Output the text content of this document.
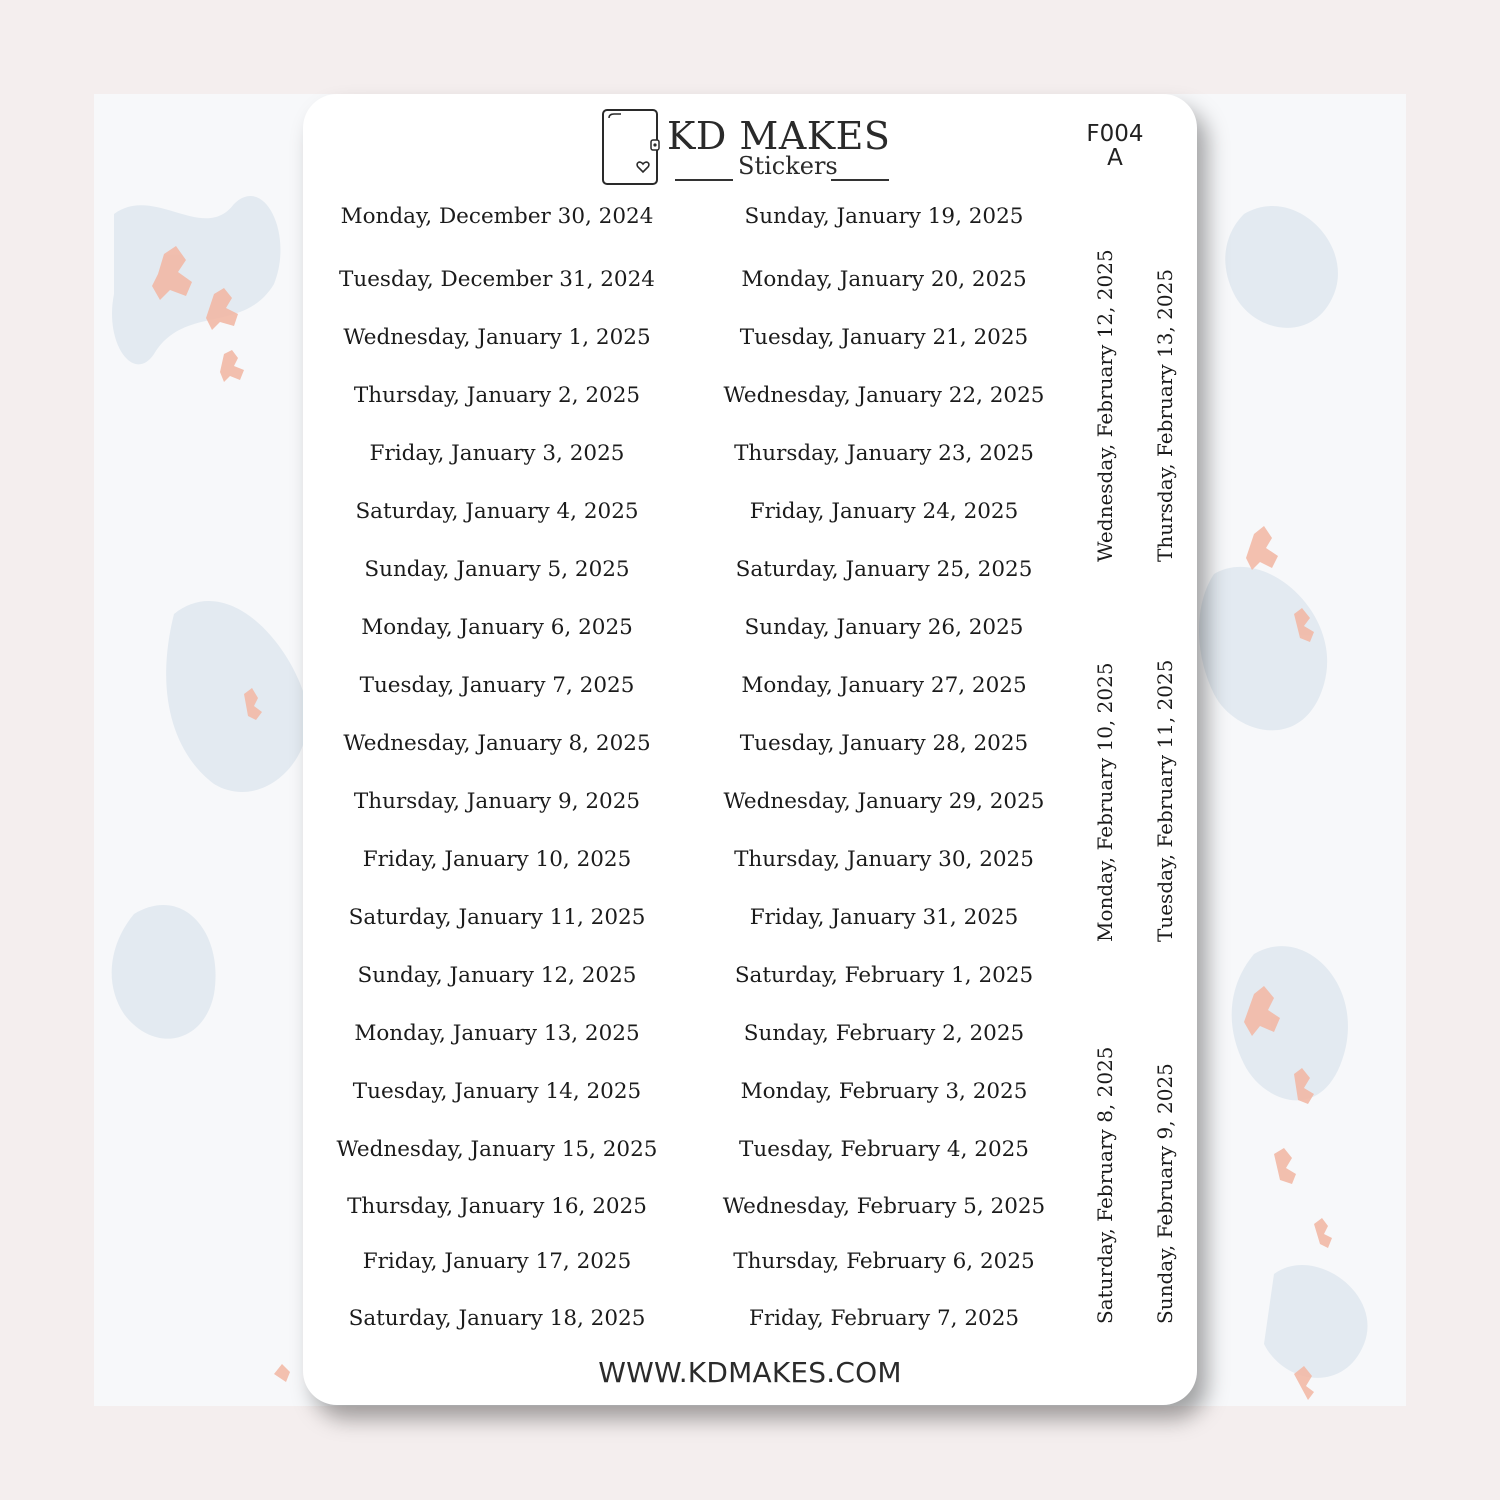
KD MAKES
Stickers
F004
A
Monday, December 30, 2024
Tuesday, December 31, 2024
Wednesday, January 1, 2025
Thursday, January 2, 2025
Friday, January 3, 2025
Saturday, January 4, 2025
Sunday, January 5, 2025
Monday, January 6, 2025
Tuesday, January 7, 2025
Wednesday, January 8, 2025
Thursday, January 9, 2025
Friday, January 10, 2025
Saturday, January 11, 2025
Sunday, January 12, 2025
Monday, January 13, 2025
Tuesday, January 14, 2025
Wednesday, January 15, 2025
Thursday, January 16, 2025
Friday, January 17, 2025
Saturday, January 18, 2025
Sunday, January 19, 2025
Monday, January 20, 2025
Tuesday, January 21, 2025
Wednesday, January 22, 2025
Thursday, January 23, 2025
Friday, January 24, 2025
Saturday, January 25, 2025
Sunday, January 26, 2025
Monday, January 27, 2025
Tuesday, January 28, 2025
Wednesday, January 29, 2025
Thursday, January 30, 2025
Friday, January 31, 2025
Saturday, February 1, 2025
Sunday, February 2, 2025
Monday, February 3, 2025
Tuesday, February 4, 2025
Wednesday, February 5, 2025
Thursday, February 6, 2025
Friday, February 7, 2025
Wednesday, February 12, 2025
Monday, February 10, 2025
Saturday, February 8, 2025
Thursday, February 13, 2025
Tuesday, February 11, 2025
Sunday, February 9, 2025
WWW.KDMAKES.COM
